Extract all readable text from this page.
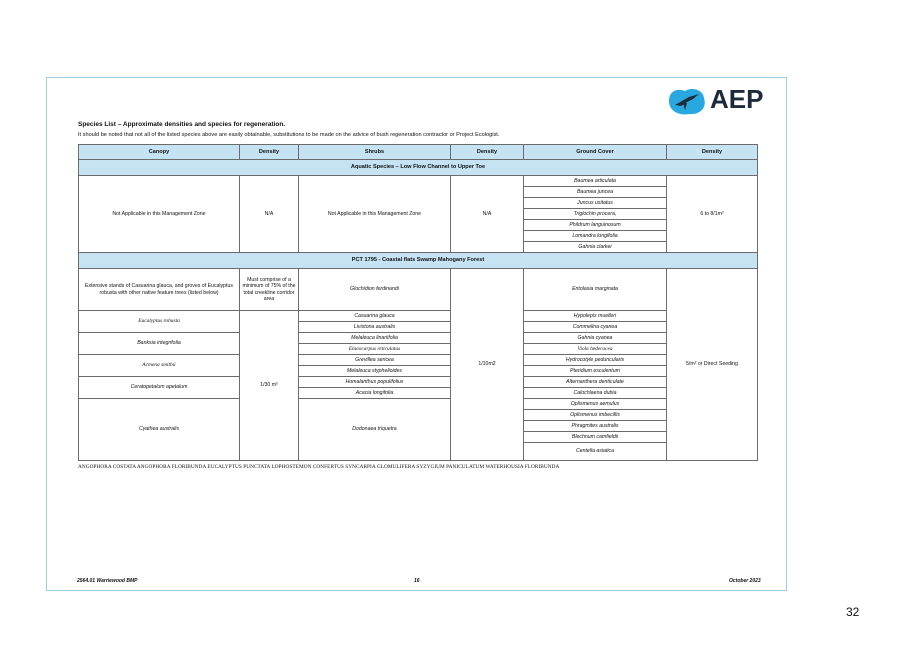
AEP
Species List – Approximate densities and species for regeneration.
It should be noted that not all of the listed species above are easily obtainable, substitutions to be made on the advice of bush regeneration contractor or Project Ecologist.
Canopy	Density	Shrubs	Density	Ground Cover	Density
Aquatic Species – Low Flow Channel to Upper Toe					
Not Applicable in this Management Zone	N/A	Not Applicable in this Management Zone	N/A	Baumea articulata	6 to 8/1m²
				Baumea juncea	
				Juncus usitatus	
				Triglochin procera,	
				Phildrum languinosum	
				Lomandra longifolia	
				Gahnia clarkei	
PCT 1795 - Coastal flats Swamp Mahogany Forest					
Extensive stands of Casuarina glauca, and groves of Eucalyptus robusta with other native feature trees (listed below)	Must comprise of a minimum of 75% of the total creekline corridor area	Glochidion ferdinandi	1/10m2	Entolasia marginata	5/m² or Direct Seeding
Eucalyptus robusta	1/30 m²	Casuarina glauca		Hypolepis muelleri	
		Livistona australis		Commelina cyanea	
Banksia integrifolia		Melaleuca linariifolia		Gahnia cyanea	
		Elaeocarpus reticulatus		Viola hederacea	
Acmena smithii		Grevillea sericea		Hydrocotyle peduncularis	
		Melaleuca styphelioides		Pteridium esculentum	
Ceratopetalum apetalum		Homalanthus populifolius		Alternanthera denticulate	
		Acacia longifolia		Calochlaena dubia	
Cyathea australis		Dodonaea triquetra		Oplismenus aemulus	
				Oplismenus imbecillis	
				Phragmites australis	
				Blechnum camfieldii	
				Centella asiatica	
ANGOPHORA COSTATA ANGOPHORA FLORIBUNDA EUCALYPTUS PUNCTATA LOPHOSTEMON CONFERTUS SYNCARPIA GLOMULIFERA SYZYGIUM PANICULATUM WATERHOUSIA FLORIBUNDA
2564.01 Warriewood BMP	16	October 2023
32
